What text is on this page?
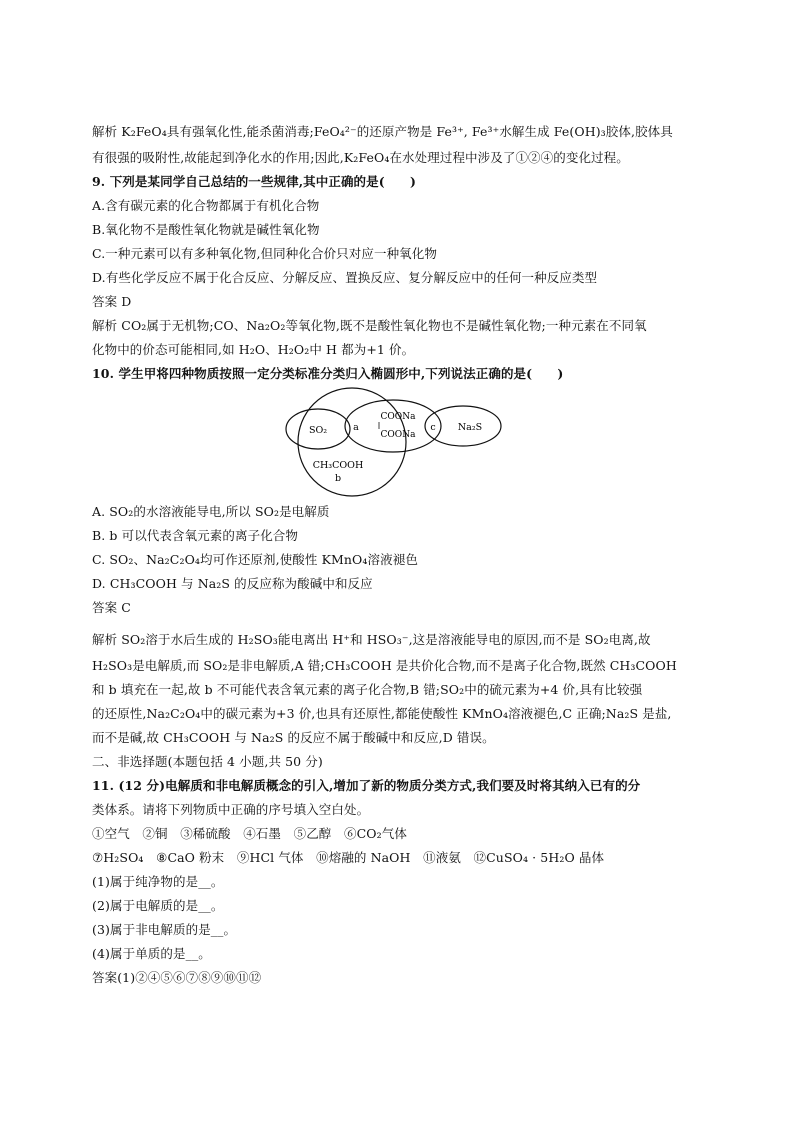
解析 K₂FeO₄具有强氧化性,能杀菌消毒;FeO₄²⁻的还原产物是 Fe³⁺, Fe³⁺水解生成 Fe(OH)₃胶体,胶体具
有很强的吸附性,故能起到净化水的作用;因此,K₂FeO₄在水处理过程中涉及了①②④的变化过程。
9. 下列是某同学自己总结的一些规律,其中正确的是(　　)
A.含有碳元素的化合物都属于有机化合物
B.氧化物不是酸性氧化物就是碱性氧化物
C.一种元素可以有多种氧化物,但同种化合价只对应一种氧化物
D.有些化学反应不属于化合反应、分解反应、置换反应、复分解反应中的任何一种反应类型
答案 D
解析 CO₂属于无机物;CO、Na₂O₂等氧化物,既不是酸性氧化物也不是碱性氧化物;一种元素在不同氧
化物中的价态可能相同,如 H₂O、H₂O₂中 H 都为+1 价。
10. 学生甲将四种物质按照一定分类标准分类归入椭圆形中,下列说法正确的是(　　)
SO₂	a
COONa
COONa
c Na₂S
CH₃COOH
b
A. SO₂的水溶液能导电,所以 SO₂是电解质
B. b 可以代表含氧元素的离子化合物
C. SO₂、Na₂C₂O₄均可作还原剂,使酸性 KMnO₄溶液褪色
D. CH₃COOH 与 Na₂S 的反应称为酸碱中和反应
答案 C
解析 SO₂溶于水后生成的 H₂SO₃能电离出 H⁺和 HSO₃⁻,这是溶液能导电的原因,而不是 SO₂电离,故
H₂SO₃是电解质,而 SO₂是非电解质,A 错;CH₃COOH 是共价化合物,而不是离子化合物,既然 CH₃COOH
和 b 填充在一起,故 b 不可能代表含氧元素的离子化合物,B 错;SO₂中的硫元素为+4 价,具有比较强
的还原性,Na₂C₂O₄中的碳元素为+3 价,也具有还原性,都能使酸性 KMnO₄溶液褪色,C 正确;Na₂S 是盐,
而不是碱,故 CH₃COOH 与 Na₂S 的反应不属于酸碱中和反应,D 错误。
二、非选择题(本题包括 4 小题,共 50 分)
11. (12 分)电解质和非电解质概念的引入,增加了新的物质分类方式,我们要及时将其纳入已有的分
类体系。请将下列物质中正确的序号填入空白处。
①空气　②铜　③稀硫酸　④石墨　⑤乙醇　⑥CO₂气体
⑦H₂SO₄　⑧CaO 粉末　⑨HCl 气体　⑩熔融的 NaOH　⑪液氨　⑫CuSO₄ · 5H₂O 晶体
(1)属于纯净物的是__。
(2)属于电解质的是__。
(3)属于非电解质的是__。
(4)属于单质的是__。
答案(1)②④⑤⑥⑦⑧⑨⑩⑪⑫
